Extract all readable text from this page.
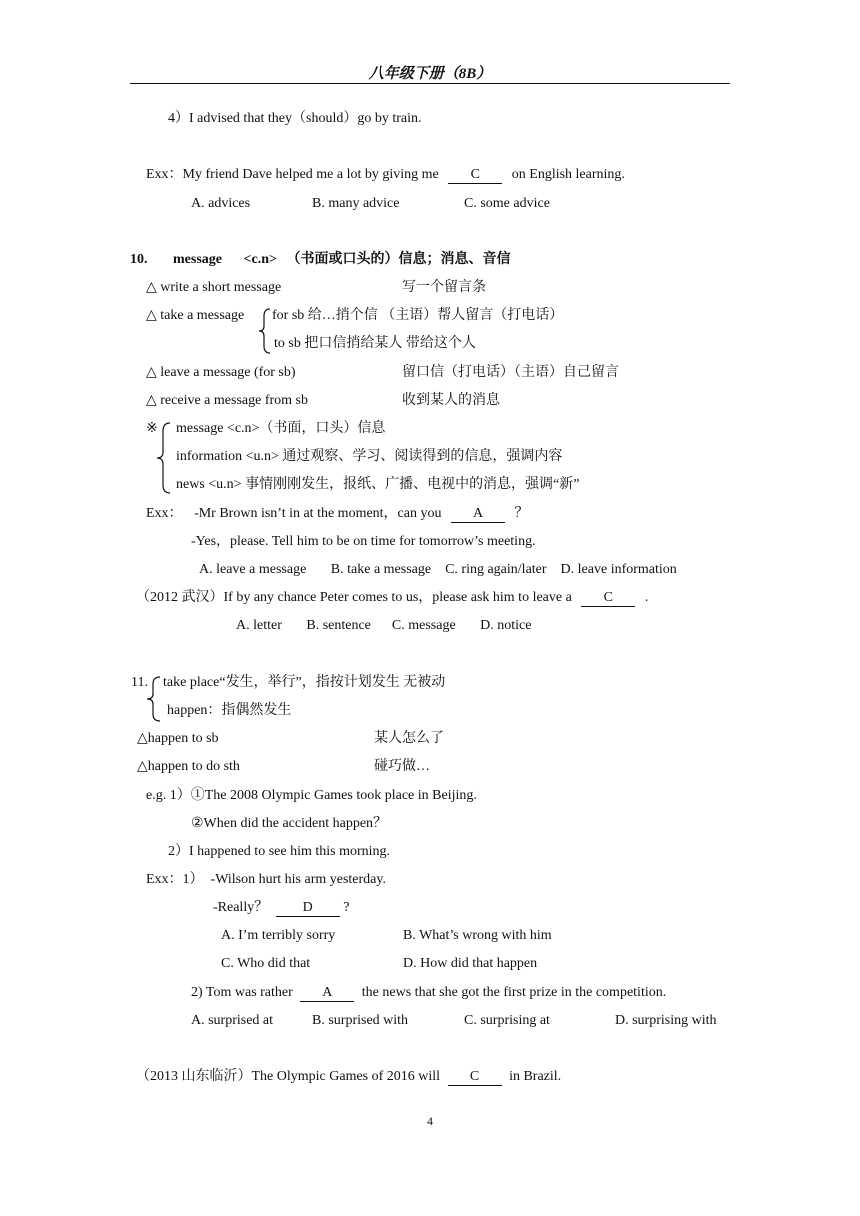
八年级下册（8B）
4）I advised that they（should）go by train.
Exx：My friend Dave helped me a lot by giving me C on English learning.
A. advices	B. many advice	C. some advice
10. message <c.n> （书面或口头的）信息；消息、音信
△ write a short message	写一个留言条
△ take a message for sb 给…捎个信 （主语）帮人留言（打电话）
to sb 把口信捎给某人 带给这个人
△ leave a message (for sb)	留口信（打电话）（主语）自己留言
△ receive a message from sb	收到某人的消息
※ message <c.n>（书面，口头）信息
information <u.n> 通过观察、学习、阅读得到的信息，强调内容
news <u.n> 事情刚刚发生，报纸、广播、电视中的消息，强调“新”
Exx： -Mr Brown isn’t in at the moment，can you A ？
-Yes，please. Tell him to be on time for tomorrow’s meeting.
A. leave a message       B. take a message    C. ring again/later    D. leave information
（2012 武汉）If by any chance Peter comes to us，please ask him to leave a C .
A. letter       B. sentence      C. message       D. notice
11. take place“发生，举行”，指按计划发生 无被动
happen：指偶然发生
△happen to sb	某人怎么了
△happen to do sth	碰巧做…
e.g. 1）①The 2008 Olympic Games took place in Beijing.
②When did the accident happen？
2）I happened to see him this morning.
Exx：1）  -Wilson hurt his arm yesterday.
-Really？ D ?
A. I’m terribly sorry	B. What’s wrong with him
C. Who did that	D. How did that happen
2) Tom was rather A the news that she got the first prize in the competition.
A. surprised at	B. surprised with	C. surprising at	D. surprising with
（2013 山东临沂）The Olympic Games of 2016 will C in Brazil.
4
